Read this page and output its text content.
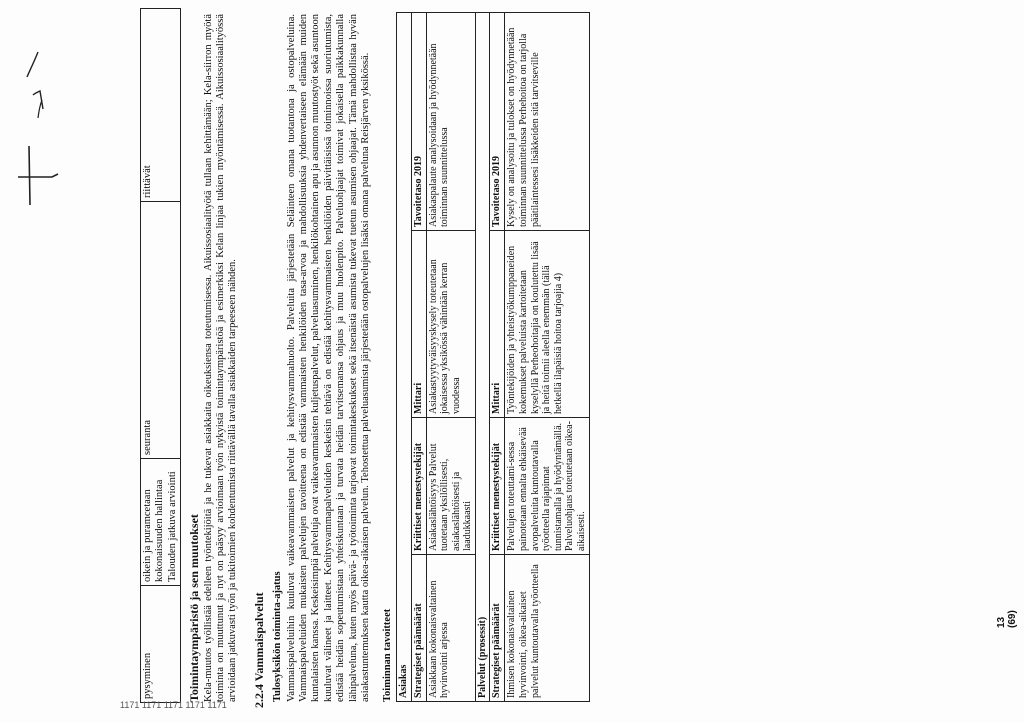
pysyminen	oikein ja puramcetaan kokonaisuuden hallintaa Talouden jatkuva arviointi	seuranta	riittävät
Toimintaympäristö ja sen muutokset Kela-muutos työllistää edelleen työntekijöitä ja he tukevat asiakkaita oikeuksiensa toteutumisessa. Aikuissosiaalityötä tullaan kehittämään; Kela-siirron myötä toiminta on muuttunut ja nyt on paäsyy arvioimaan työn nykyistä toimintaympäristöä ja esimerkiksi Kelan linjaa tukien myöntämisessä. Aikuissosiaalityössä arvioidaan jatkuvasti työn ja tukitoimien kohdentumista riittävällä tavalla asiakkaiden tarpeeseen nähden. 2.2.4 Vammaispalvelut Tulosyksikön toiminta-ajatus Vammaispalveluihin kuuluvat vaikeavammaisten palvelut ja kehitysvammahuolto. Palveluita järjestetään Seläinteen omana tuotantona ja ostopalveluina. Vammaispalveluiden mukaisten palvelujen tavoitteena on edistää vammaisten henkilöiden tasa-arvoa ja mahdollisuuksia yhdenvertaiseen elämään muiden kuntalaisten kanssa. Keskeisimpiä palveluja ovat vaikeavammaisten kuljetuspalvelut, palveluasuminen, henkilökohtainen apu ja asunnon muutostyöt sekä asuntoon kuuluvat välineet ja laitteet. Kehitysvammapalveluiden keskeisin tehtävä on edistää kehitysvammaisten henkilöiden päivittäisissä toiminnoissa suoriutumista, edistää heidän sopeutumistaan yhteiskuntaan ja turvata heidän tarvitsemansa ohjaus ja muu huolenpito. Palveluohjaajat toimivat jokaisella paikkakunnalla lähipalveluna, kuten myös päivä- ja työtoiminta tarjoavat toimintakeskukset sekä itsenäistä asumista tukevat tuetun asumisen ohjaajat. Tämä mahdollistaa hyvän asiakastuntemuksen kautta oikea-aikaisen palvelun. Tehostettua palveluasumista järjestetään ostopalvelujen lisäksi omana palveluna Reisjärven yksikössä. Toiminnan tavoitteet Asiakas			
Strategiset päämäärät	Kriittiset menestystekijät	Mittari	Tavoitetaso 2019
Asiakkaan kokonaisvaltainen hyvinvointi arjessa	Asiakaslähtöisyys Palvelut tuotetaan yksilöllisesti, asiakaslähtöisesti ja laadukkaasti	Asiakastyytyväisyyskysely toteutetaan jokaisessa yksikössä vähintään kerran vuodessa	Asiakaspalaute analysoidaan ja hyödynnetään toiminnan suunnittelussa
Palvelut (prosessit)			
Strategiset päämäärät	Kriittiset menestystekijät	Mittari	Tavoitetaso 2019
Ihmisen kokonaisvaltainen hyvinvointi, oikea-aikaiset palvelut kuntoutavalla työotteella	Palvelujen toteuttami-sessa painotetaan ennalta ehkäisevää avopalveluita kuntoutavalla työotteella rajapinnat tunnistamalla ja hyödyntämällä. Palveluohjaus toteutetaan oikea-aikaisesti.	Työntekijöiden ja yhteistyökumppaneiden kokemukset palveluista kartoitetaan kyselyllä Perheohoitajia on koulutettu lisää ja heitä toimii aleella enemmän (tällä hetkellä ilapäisiä hoitoa tarjoajia 4)	Kysely on analysoitu ja tulokset on hyödynnetään toiminnan suunnittelussa Perhehoitoa on tarjolla päätilaintessesi lisäkkeiden sitä tarvitseville
13 (69)
1171 1171 1171 1171 1171
